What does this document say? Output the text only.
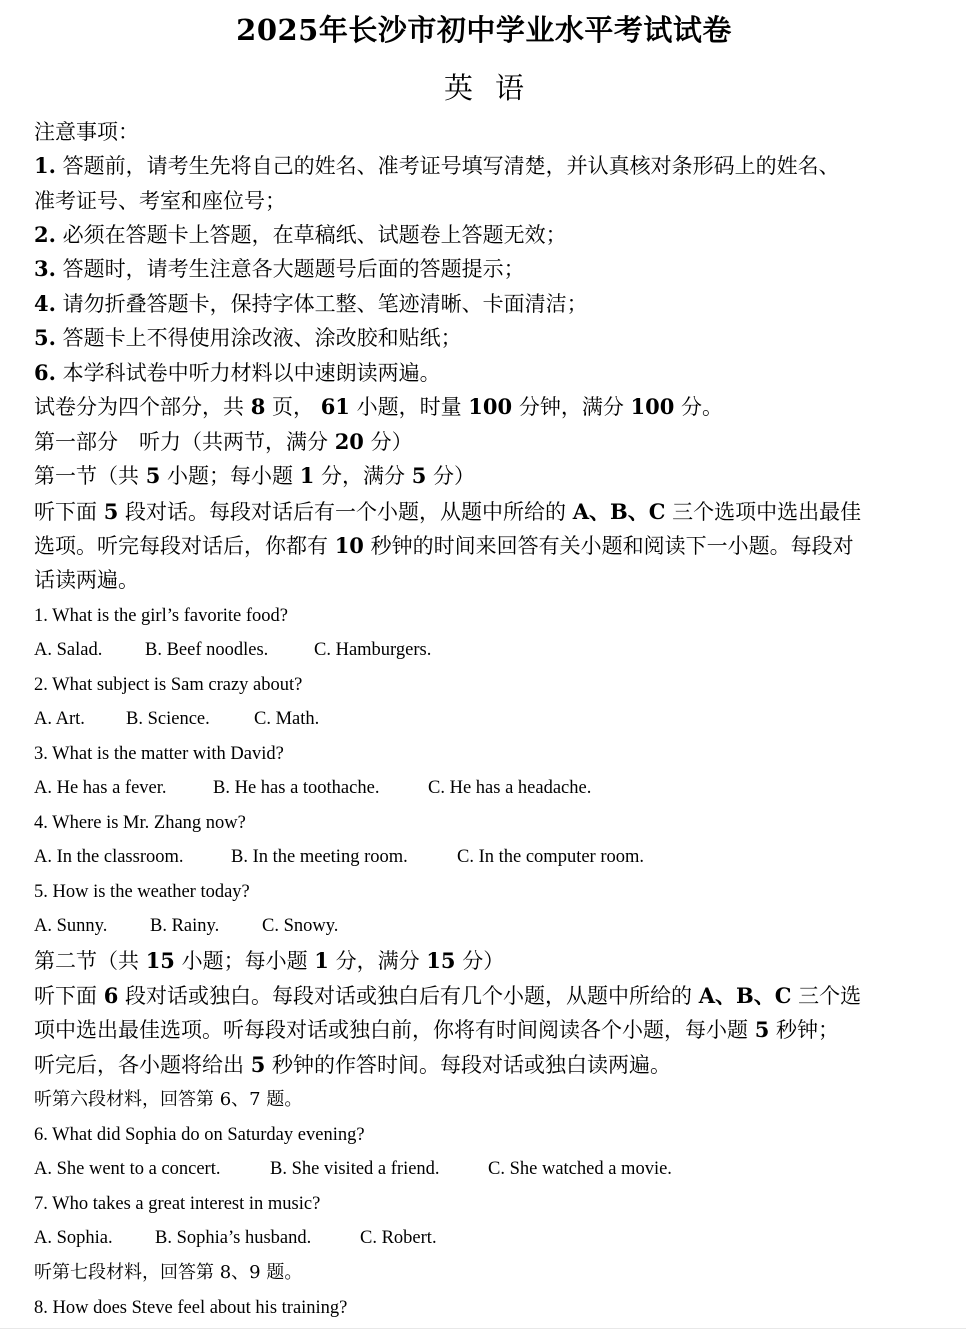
2025年长沙市初中学业水平考试试卷
英语
注意事项：
1. 答题前，请考生先将自己的姓名、准考证号填写清楚，并认真核对条形码上的姓名、
准考证号、考室和座位号；
2. 必须在答题卡上答题，在草稿纸、试题卷上答题无效；
3. 答题时，请考生注意各大题题号后面的答题提示；
4. 请勿折叠答题卡，保持字体工整、笔迹清晰、卡面清洁；
5. 答题卡上不得使用涂改液、涂改胶和贴纸；
6. 本学科试卷中听力材料以中速朗读两遍。
试卷分为四个部分，共 8 页， 61 小题，时量 100 分钟，满分 100 分。
第一部分　听力（共两节，满分 20 分）
第一节（共 5 小题；每小题 1 分，满分 5 分）
听下面 5 段对话。每段对话后有一个小题，从题中所给的 A、B、C 三个选项中选出最佳
选项。听完每段对话后，你都有 10 秒钟的时间来回答有关小题和阅读下一小题。每段对
话读两遍。
1. What is the girl’s favorite food?
A. Salad. B. Beef noodles. C. Hamburgers.
2. What subject is Sam crazy about?
A. Art. B. Science. C. Math.
3. What is the matter with David?
A. He has a fever.	B. He has a toothache.	C. He has a headache.
4. Where is Mr. Zhang now?
A. In the classroom.	B. In the meeting room.	C. In the computer room.
5. How is the weather today?
A. Sunny. B. Rainy. C. Snowy.
第二节（共 15 小题；每小题 1 分，满分 15 分）
听下面 6 段对话或独白。每段对话或独白后有几个小题，从题中所给的 A、B、C 三个选
项中选出最佳选项。听每段对话或独白前，你将有时间阅读各个小题，每小题 5 秒钟；
听完后，各小题将给出 5 秒钟的作答时间。每段对话或独白读两遍。
听第六段材料，回答第 6、7 题。
6. What did Sophia do on Saturday evening?
A. She went to a concert.	B. She visited a friend.	C. She watched a movie.
7. Who takes a great interest in music?
A. Sophia. B. Sophia’s husband.	C. Robert.
听第七段材料，回答第 8、9 题。
8. How does Steve feel about his training?
